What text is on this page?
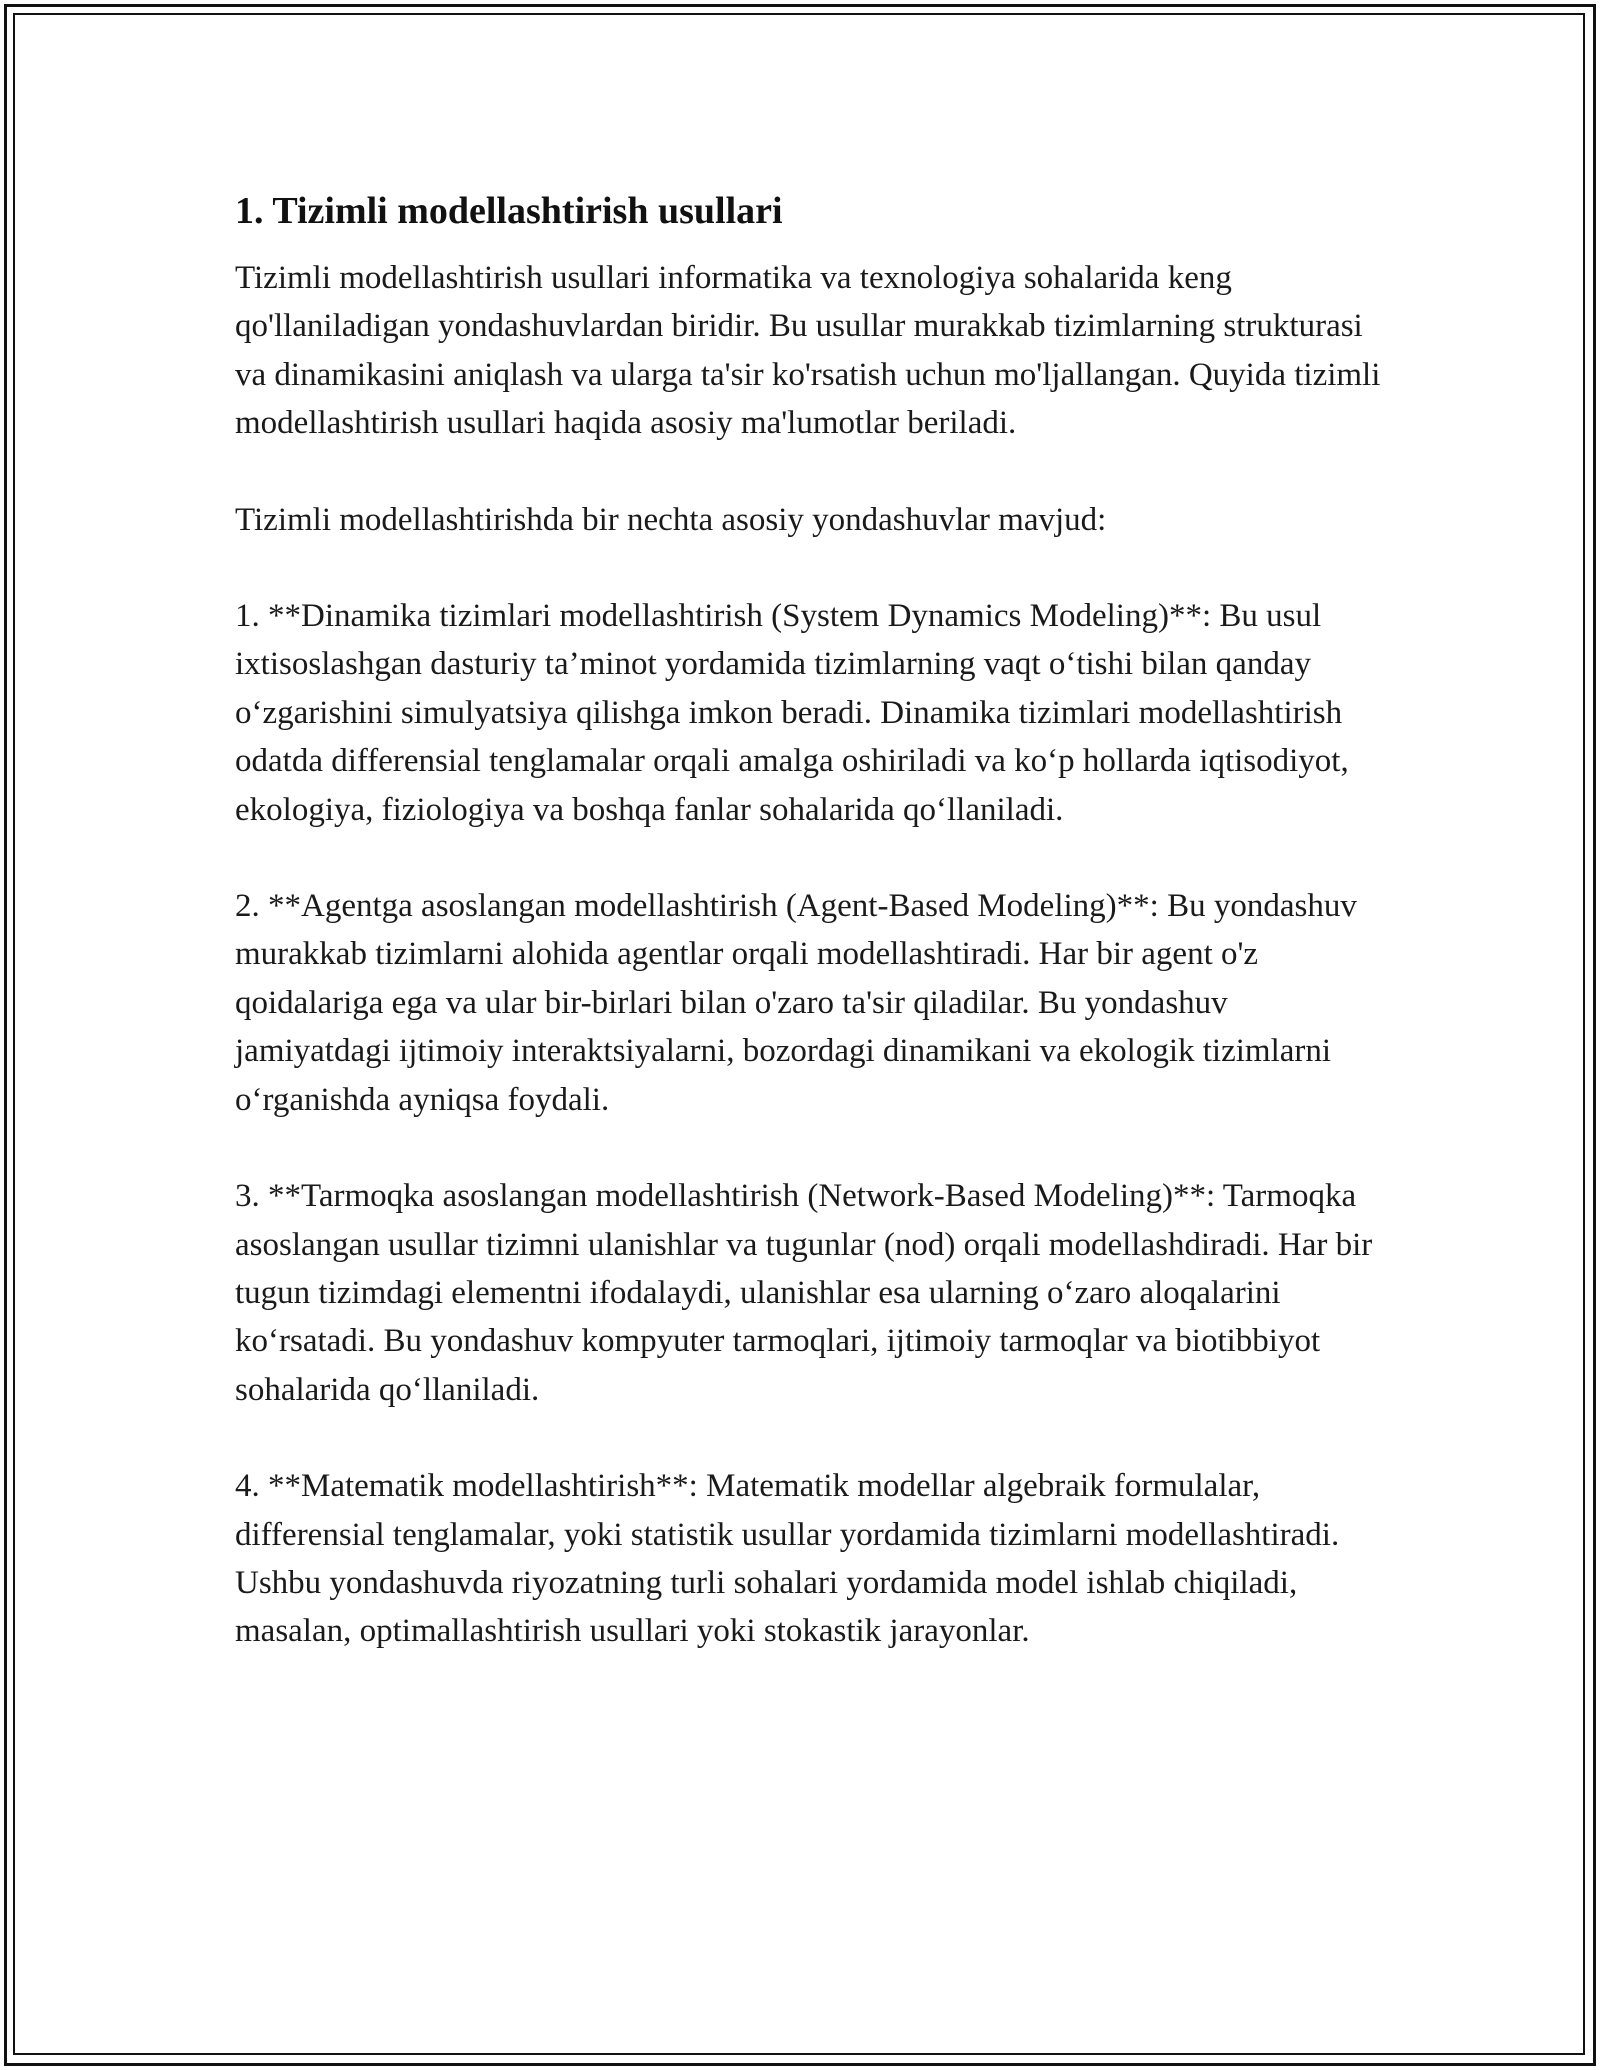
1. Tizimli modellashtirish usullari

Tizimli modellashtirish usullari informatika va texnologiya sohalarida keng qo'llaniladigan yondashuvlardan biridir. Bu usullar murakkab tizimlarning strukturasi va dinamikasini aniqlash va ularga ta'sir ko'rsatish uchun mo'ljallangan. Quyida tizimli modellashtirish usullari haqida asosiy ma'lumotlar beriladi.

Tizimli modellashtirishda bir nechta asosiy yondashuvlar mavjud:

1. **Dinamika tizimlari modellashtirish (System Dynamics Modeling)**: Bu usul ixtisoslashgan dasturiy ta’minot yordamida tizimlarning vaqt o‘tishi bilan qanday o‘zgarishini simulyatsiya qilishga imkon beradi. Dinamika tizimlari modellashtirish odatda differensial tenglamalar orqali amalga oshiriladi va ko‘p hollarda iqtisodiyot, ekologiya, fiziologiya va boshqa fanlar sohalarida qo‘llaniladi.

2. **Agentga asoslangan modellashtirish (Agent-Based Modeling)**: Bu yondashuv murakkab tizimlarni alohida agentlar orqali modellashtiradi. Har bir agent o'z qoidalariga ega va ular bir-birlari bilan o'zaro ta'sir qiladilar. Bu yondashuv jamiyatdagi ijtimoiy interaktsiyalarni, bozordagi dinamikani va ekologik tizimlarni o‘rganishda ayniqsa foydali.

3. **Tarmoqka asoslangan modellashtirish (Network-Based Modeling)**: Tarmoqka asoslangan usullar tizimni ulanishlar va tugunlar (nod) orqali modellashdiradi. Har bir tugun tizimdagi elementni ifodalaydi, ulanishlar esa ularning o‘zaro aloqalarini ko‘rsatadi. Bu yondashuv kompyuter tarmoqlari, ijtimoiy tarmoqlar va biotibbiyot sohalarida qo‘llaniladi.

4. **Matematik modellashtirish**: Matematik modellar algebraik formulalar, differensial tenglamalar, yoki statistik usullar yordamida tizimlarni modellashtiradi. Ushbu yondashuvda riyozatning turli sohalari yordamida model ishlab chiqiladi, masalan, optimallashtirish usullari yoki stokastik jarayonlar.
